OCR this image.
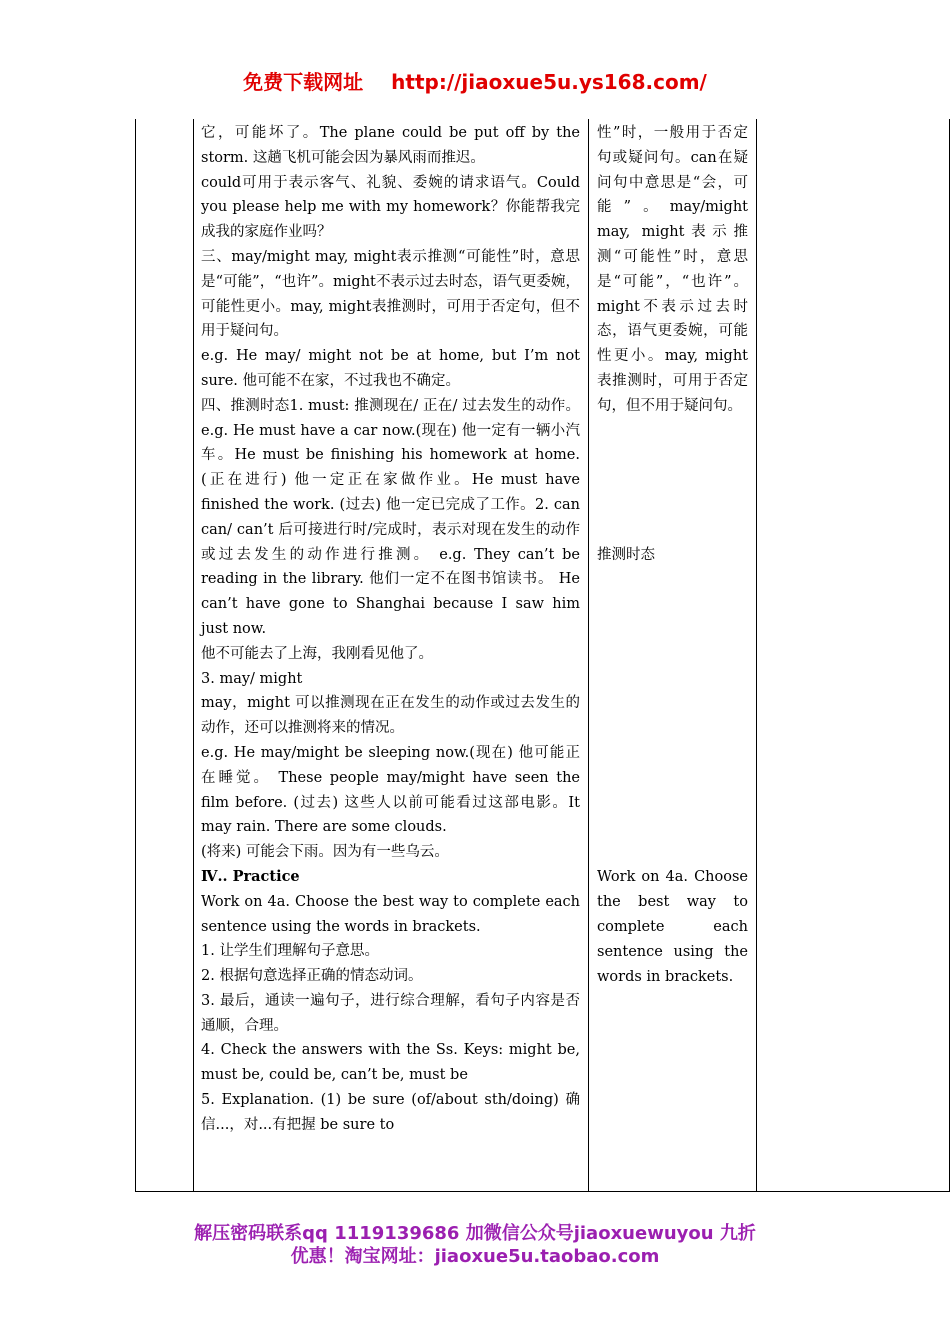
免费下载网址 http://jiaoxue5u.ys168.com/

它，可能坏了。The plane could be put off by the storm. 这趟飞机可能会因为暴风雨而推迟。

could可用于表示客气、礼貌、委婉的请求语气。Could you please help me with my homework？你能帮我完成我的家庭作业吗？

三、may/might may, might表示推测“可能性”时，意思是“可能”，“也许”。might不表示过去时态，语气更委婉，可能性更小。may, might表推测时，可用于否定句，但不用于疑问句。

e.g. He may/ might not be at home, but I’m not sure. 他可能不在家，不过我也不确定。

四、推测时态1. must: 推测现在/ 正在/ 过去发生的动作。e.g. He must have a car now.(现在) 他一定有一辆小汽车。He must be finishing his homework at home. (正在进行) 他一定正在家做作业。He must have finished the work. (过去) 他一定已完成了工作。2. can can/ can’t 后可接进行时/完成时，表示对现在发生的动作或过去发生的动作进行推测。 e.g. They can’t be reading in the library. 他们一定不在图书馆读书。 He can’t have gone to Shanghai because I saw him just now.

他不可能去了上海，我刚看见他了。

3. may/ might

may，might 可以推测现在正在发生的动作或过去发生的动作，还可以推测将来的情况。

e.g. He may/might be sleeping now.(现在) 他可能正在睡觉。 These people may/might have seen the film before. (过去) 这些人以前可能看过这部电影。It may rain. There are some clouds.

(将来) 可能会下雨。因为有一些乌云。

Ⅳ.. Practice

Work on 4a. Choose the best way to complete each sentence using the words in brackets.

1. 让学生们理解句子意思。

2. 根据句意选择正确的情态动词。

3. 最后，通读一遍句子，进行综合理解，看句子内容是否通顺，合理。

4. Check the answers with the Ss. Keys: might be, must be, could be, can’t be, must be

5. Explanation. (1) be sure (of/about sth/doing) 确信...，对...有把握 be sure to

性”时，一般用于否定句或疑问句。can在疑问句中意思是“会，可能”。may/might may, might表示推测“可能性”时，意思是“可能”，“也许”。might不表示过去时态，语气更委婉，可能性更小。may, might表推测时，可用于否定句，但不用于疑问句。

推测时态

Work on 4a. Choose the best way to complete each sentence using the words in brackets.

解压密码联系qq 1119139686 加微信公众号jiaoxuewuyou 九折
优惠！淘宝网址：jiaoxue5u.taobao.com
